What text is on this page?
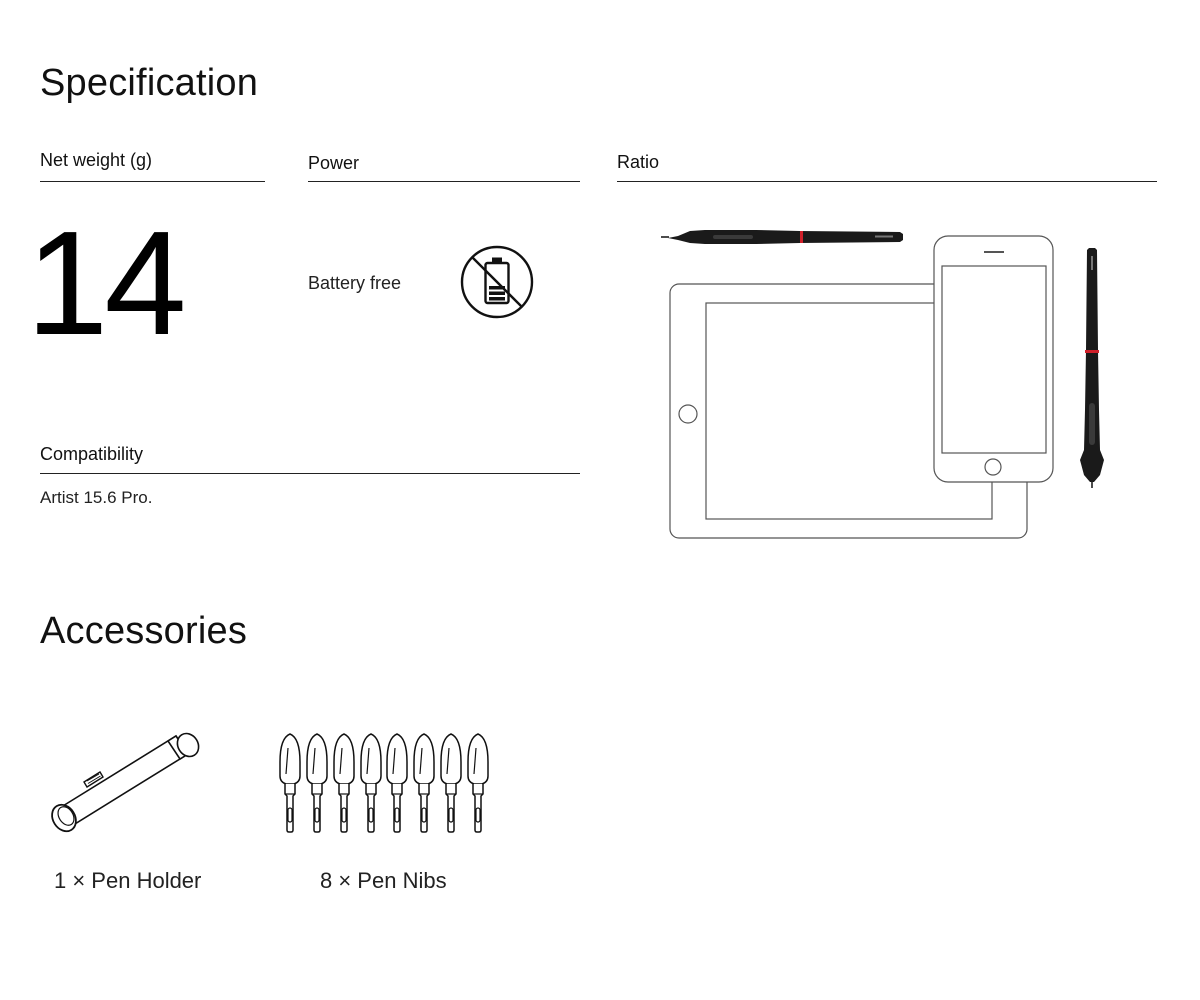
Specification
Net weight (g)
14
Power
Battery free
Ratio
Compatibility
Artist 15.6 Pro.
Accessories
1 × Pen Holder	8 × Pen Nibs
